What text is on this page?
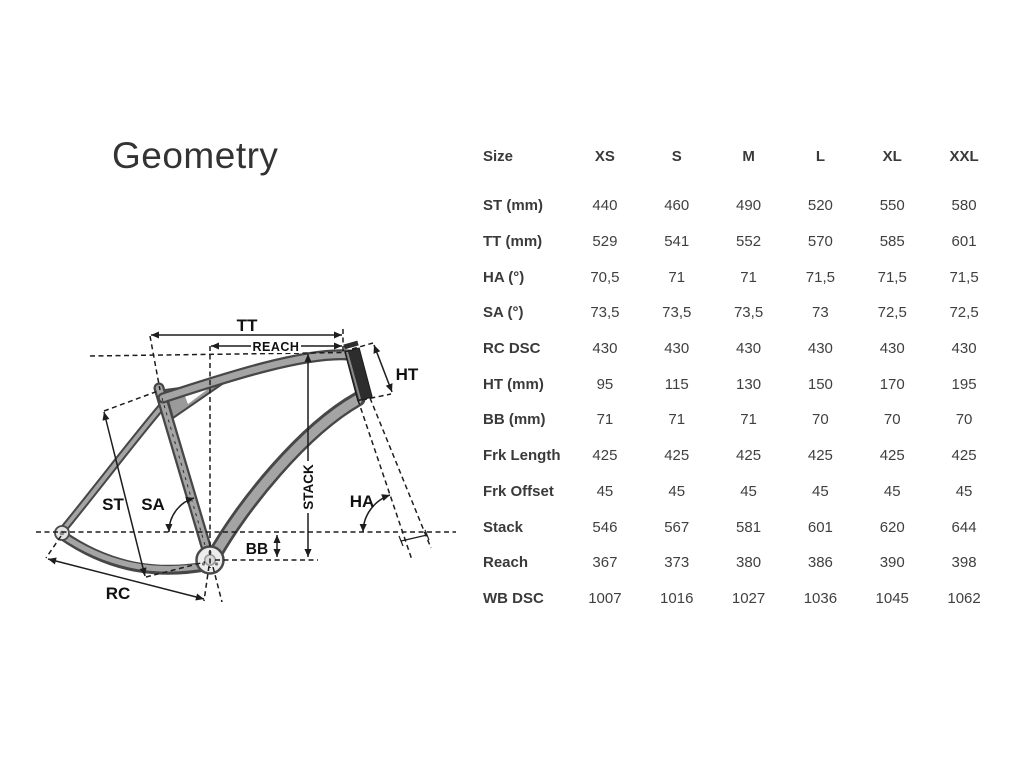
Geometry
TT
REACH
HT
ST SA	STACK HA
BB
RC
Size	XS	S	M	L	XL	XXL
ST (mm)	440	460	490	520	550	580
TT (mm)	529	541	552	570	585	601
HA (°)	70,5	71	71	71,5	71,5	71,5
SA (°)	73,5	73,5	73,5	73	72,5	72,5
RC DSC	430	430	430	430	430	430
HT (mm)	95	115	130	150	170	195
BB (mm)	71	71	71	70	70	70
Frk Length	425	425	425	425	425	425
Frk Offset	45	45	45	45	45	45
Stack	546	567	581	601	620	644
Reach	367	373	380	386	390	398
WB DSC	1007	1016	1027	1036	1045	1062
